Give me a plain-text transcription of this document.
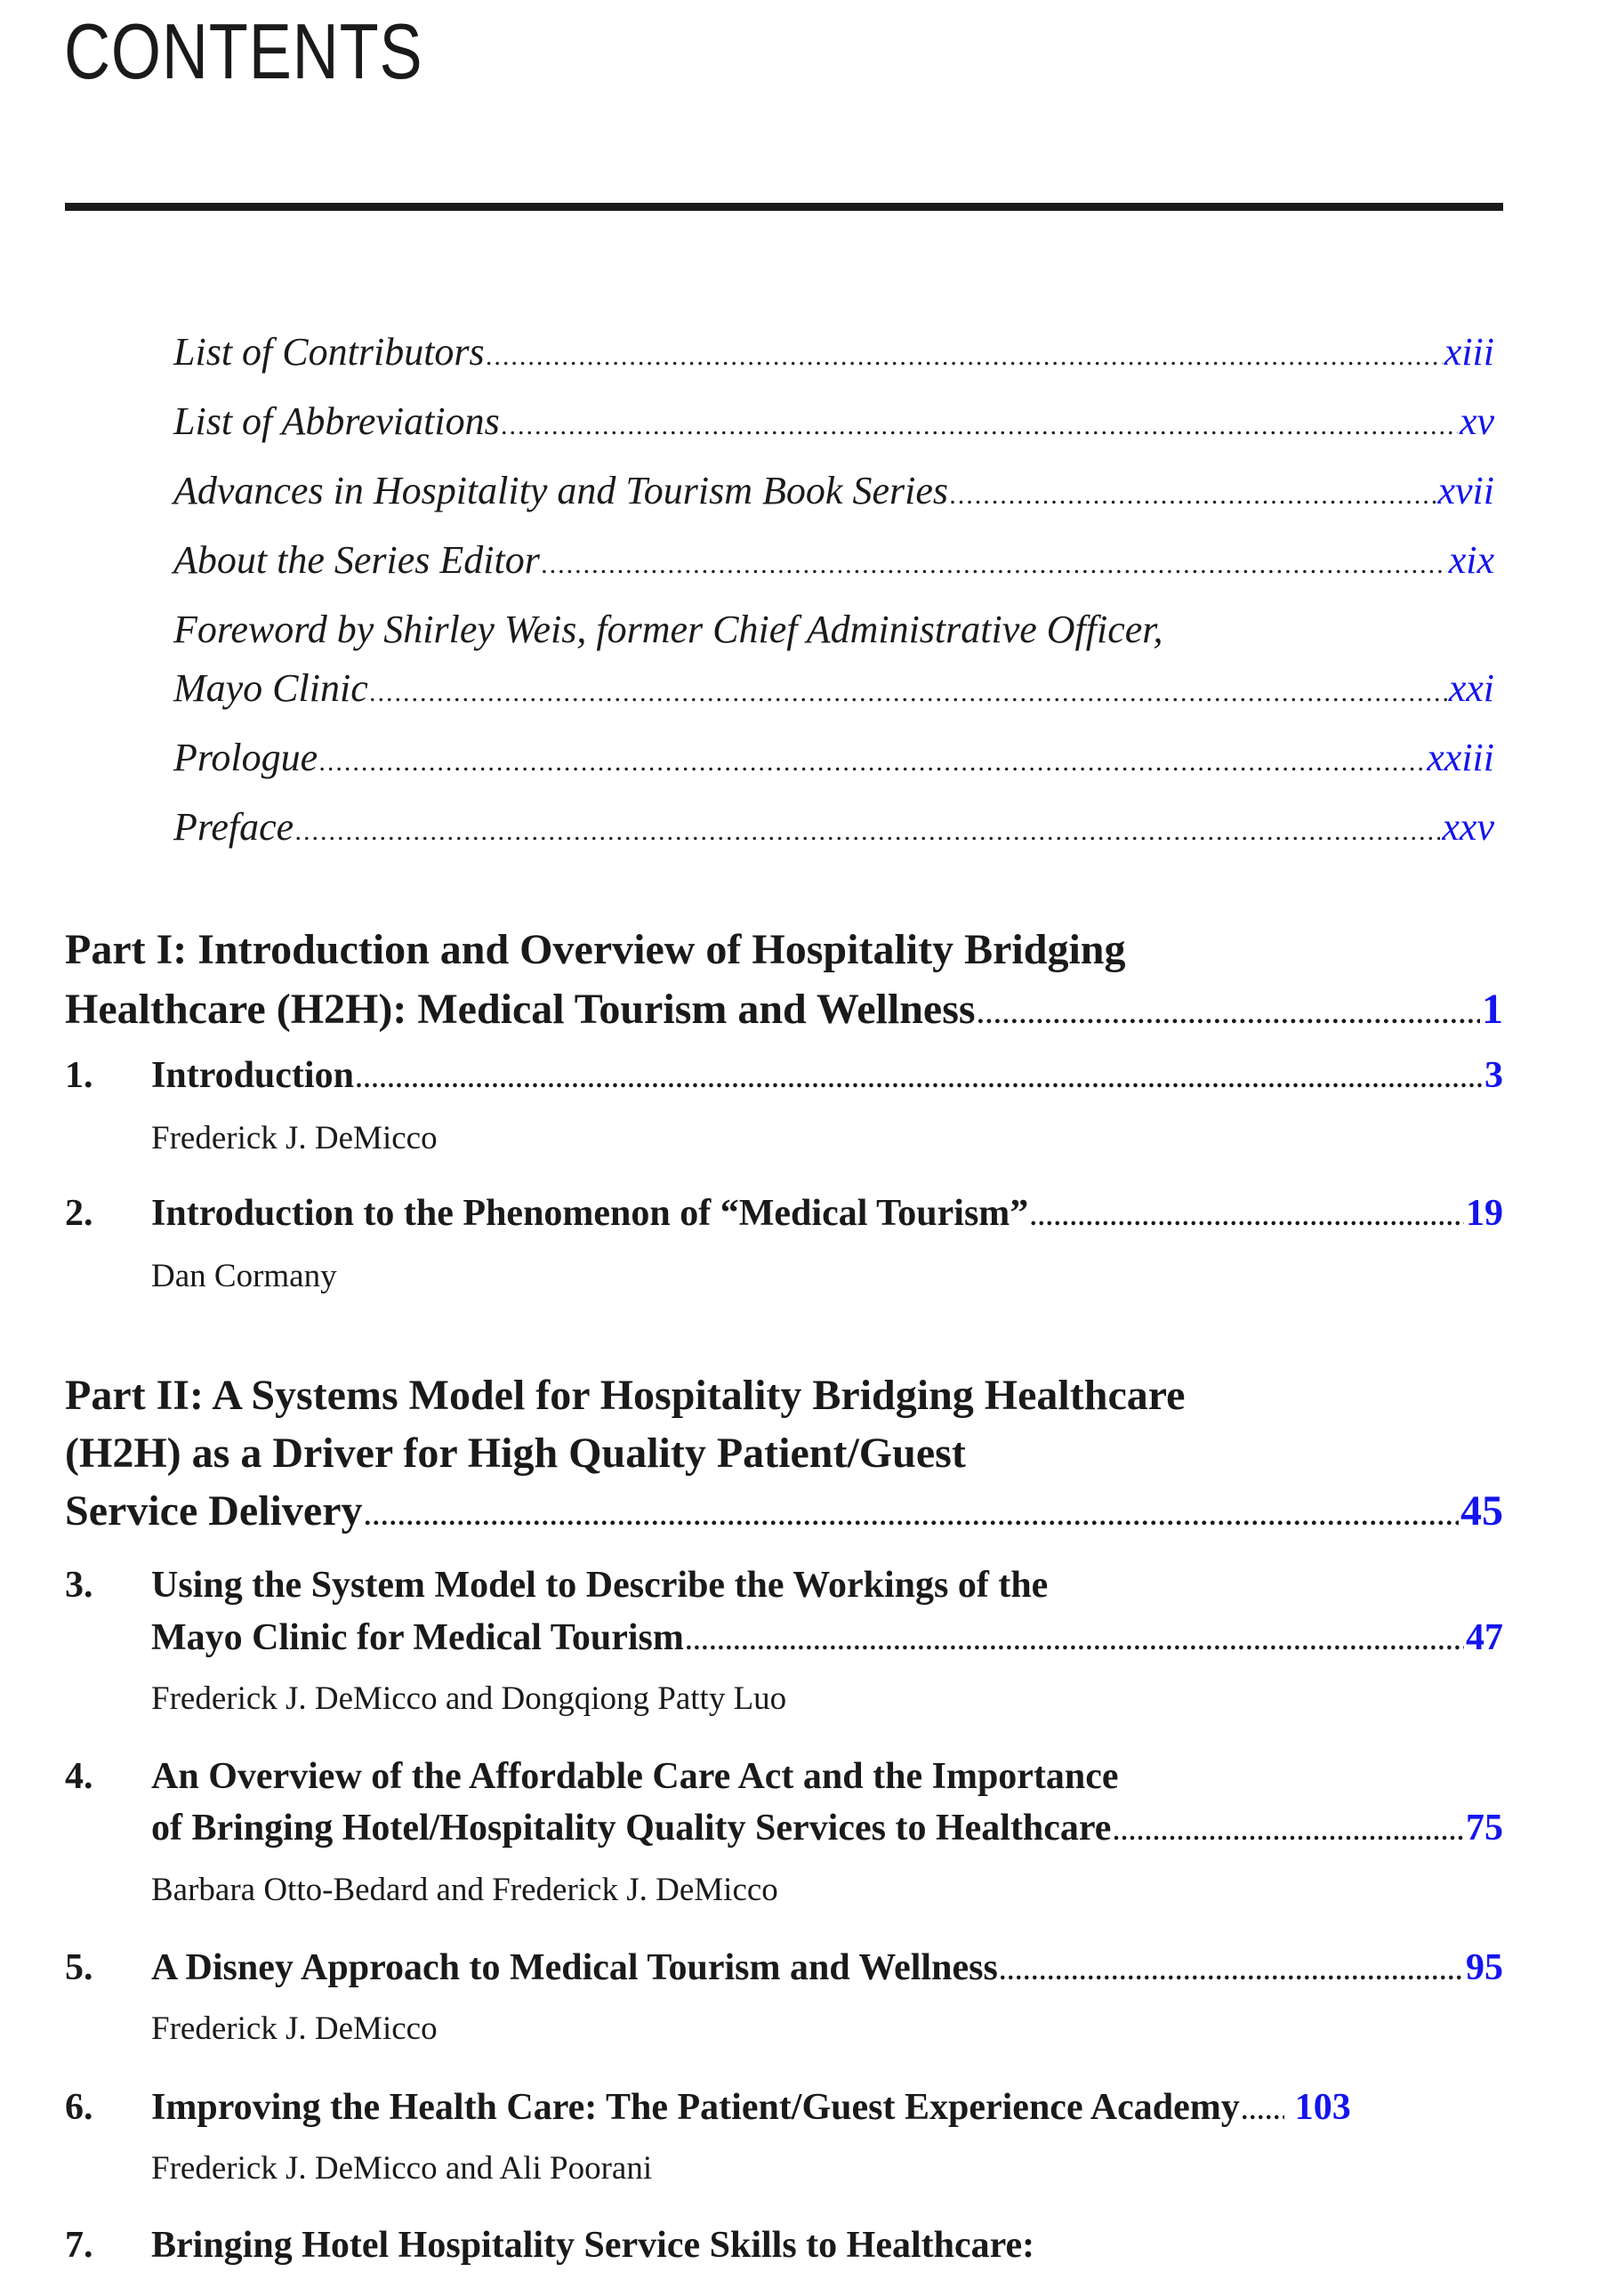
CONTENTS
List of Contributors .....	xiii
List of Abbreviations .....	xv
Advances in Hospitality and Tourism Book Series .....	xvii
About the Series Editor .....	xix
Foreword by Shirley Weis, former Chief Administrative Officer,
Mayo Clinic .....	xxi
Prologue .....	xxiii
Preface .....	xxv
Part I: Introduction and Overview of Hospitality Bridging
Healthcare (H2H): Medical Tourism and Wellness .....	1
1.	Introduction .....	3
Frederick J. DeMicco
2.	Introduction to the Phenomenon of “Medical Tourism” .....	19
Dan Cormany
Part II: A Systems Model for Hospitality Bridging Healthcare
(H2H) as a Driver for High Quality Patient/Guest
Service Delivery .....	45
3. Using the System Model to Describe the Workings of the
Mayo Clinic for Medical Tourism .....	47
Frederick J. DeMicco and Dongqiong Patty Luo
4. An Overview of the Affordable Care Act and the Importance
of Bringing Hotel/Hospitality Quality Services to Healthcare .....	75
Barbara Otto-Bedard and Frederick J. DeMicco
5.	A Disney Approach to Medical Tourism and Wellness .....	95
Frederick J. DeMicco
6.	Improving the Health Care: The Patient/Guest Experience Academy ..... 103
Frederick J. DeMicco and Ali Poorani
7. Bringing Hotel Hospitality Service Skills to Healthcare:
